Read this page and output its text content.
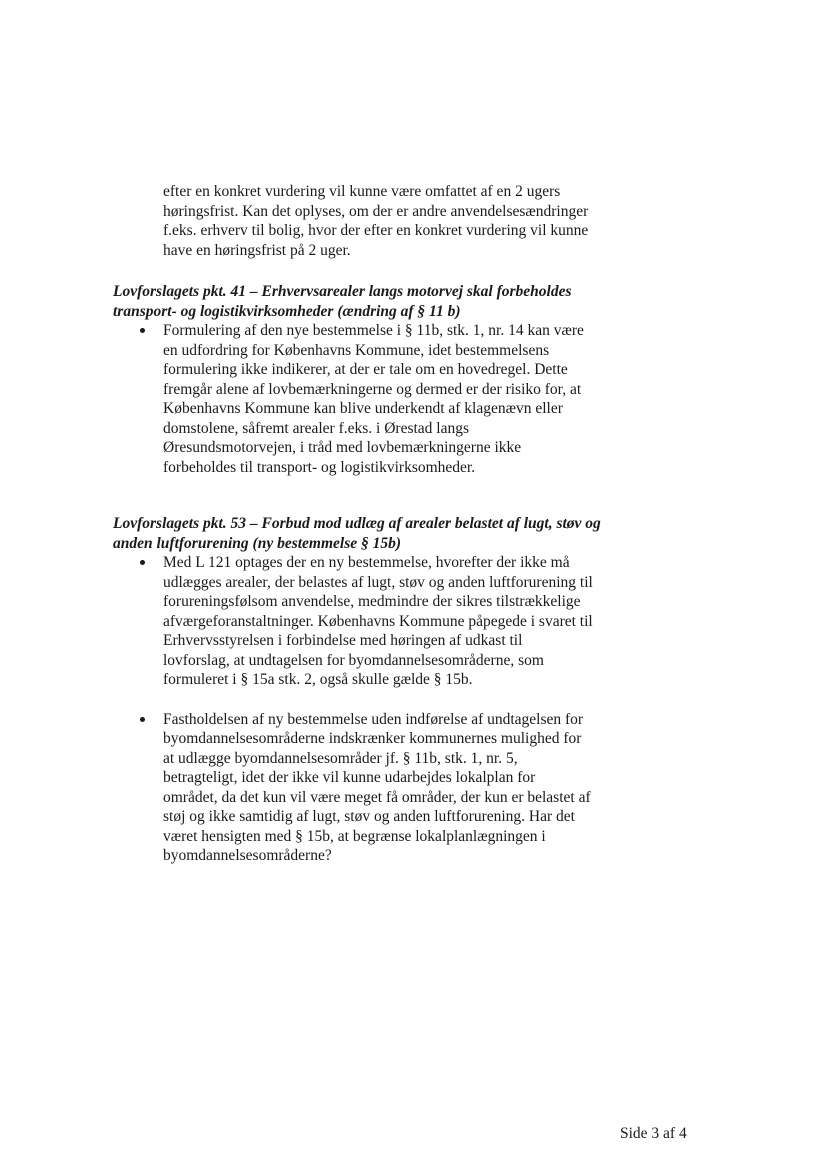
efter en konkret vurdering vil kunne være omfattet af en 2 ugers høringsfrist. Kan det oplyses, om der er andre anvendelsesændringer f.eks. erhverv til bolig, hvor der efter en konkret vurdering vil kunne have en høringsfrist på 2 uger.

Lovforslagets pkt. 41 – Erhvervsarealer langs motorvej skal forbeholdes transport- og logistikvirksomheder (ændring af § 11 b)
Formulering af den nye bestemmelse i § 11b, stk. 1, nr. 14 kan være en udfordring for Københavns Kommune, idet bestemmelsens formulering ikke indikerer, at der er tale om en hovedregel. Dette fremgår alene af lovbemærkningerne og dermed er der risiko for, at Københavns Kommune kan blive underkendt af klagenævn eller domstolene, såfremt arealer f.eks. i Ørestad langs Øresundsmotorvejen, i tråd med lovbemærkningerne ikke forbeholdes til transport- og logistikvirksomheder.
Lovforslagets pkt. 53 – Forbud mod udlæg af arealer belastet af lugt, støv og anden luftforurening (ny bestemmelse § 15b)
Med L 121 optages der en ny bestemmelse, hvorefter der ikke må udlægges arealer, der belastes af lugt, støv og anden luftforurening til forureningsfølsom anvendelse, medmindre der sikres tilstrækkelige afværgeforanstaltninger. Københavns Kommune påpegede i svaret til Erhvervsstyrelsen i forbindelse med høringen af udkast til lovforslag, at undtagelsen for byomdannelsesområderne, som formuleret i § 15a stk. 2, også skulle gælde § 15b.
Fastholdelsen af ny bestemmelse uden indførelse af undtagelsen for byomdannelsesområderne indskrænker kommunernes mulighed for at udlægge byomdannelsesområder jf. § 11b, stk. 1, nr. 5, betragteligt, idet der ikke vil kunne udarbejdes lokalplan for området, da det kun vil være meget få områder, der kun er belastet af støj og ikke samtidig af lugt, støv og anden luftforurening. Har det været hensigten med § 15b, at begrænse lokalplanlægningen i byomdannelsesområderne?
Side 3 af 4
